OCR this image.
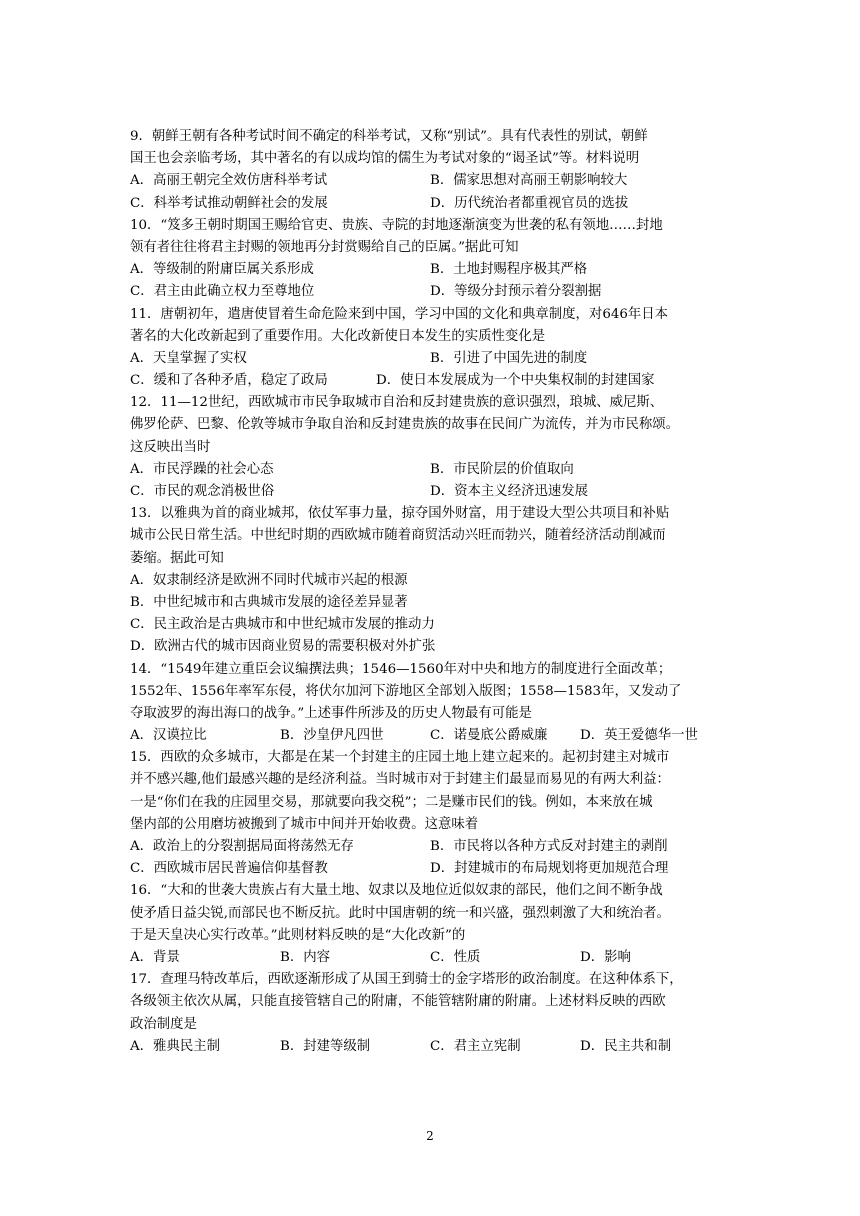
9．朝鲜王朝有各种考试时间不确定的科举考试，又称“别试”。具有代表性的别试，朝鲜
国王也会亲临考场，其中著名的有以成均馆的儒生为考试对象的“谒圣试”等。材料说明
A．高丽王朝完全效仿唐科举考试	B．儒家思想对高丽王朝影响较大
C．科举考试推动朝鲜社会的发展	D．历代统治者都重视官员的选拔
10．“笈多王朝时期国王赐给官吏、贵族、寺院的封地逐渐演变为世袭的私有领地……封地
领有者往往将君主封赐的领地再分封赏赐给自己的臣属。”据此可知
A．等级制的附庸臣属关系形成	B．土地封赐程序极其严格
C．君主由此确立权力至尊地位	D．等级分封预示着分裂割据
11．唐朝初年，遣唐使冒着生命危险来到中国，学习中国的文化和典章制度，对646年日本
著名的大化改新起到了重要作用。大化改新使日本发生的实质性变化是
A．天皇掌握了实权	B．引进了中国先进的制度
C．缓和了各种矛盾，稳定了政局	D．使日本发展成为一个中央集权制的封建国家
12．11—12世纪，西欧城市市民争取城市自治和反封建贵族的意识强烈，琅城、威尼斯、
佛罗伦萨、巴黎、伦敦等城市争取自治和反封建贵族的故事在民间广为流传，并为市民称颂。
这反映出当时
A．市民浮躁的社会心态	B．市民阶层的价值取向
C．市民的观念消极世俗	D．资本主义经济迅速发展
13．以雅典为首的商业城邦，依仗军事力量，掠夺国外财富，用于建设大型公共项目和补贴
城市公民日常生活。中世纪时期的西欧城市随着商贸活动兴旺而勃兴，随着经济活动削减而
萎缩。据此可知
A．奴隶制经济是欧洲不同时代城市兴起的根源
B．中世纪城市和古典城市发展的途径差异显著
C．民主政治是古典城市和中世纪城市发展的推动力
D．欧洲古代的城市因商业贸易的需要积极对外扩张
14．“1549年建立重臣会议编撰法典；1546—1560年对中央和地方的制度进行全面改革；
1552年、1556年率军东侵，将伏尔加河下游地区全部划入版图；1558—1583年，又发动了
夺取波罗的海出海口的战争。”上述事件所涉及的历史人物最有可能是
A．汉谟拉比	B．沙皇伊凡四世	C．诺曼底公爵威廉	D．英王爱德华一世
15．西欧的众多城市，大都是在某一个封建主的庄园土地上建立起来的。起初封建主对城市
并不感兴趣,他们最感兴趣的是经济利益。当时城市对于封建主们最显而易见的有两大利益：
一是“你们在我的庄园里交易，那就要向我交税”；二是赚市民们的钱。例如，本来放在城
堡内部的公用磨坊被搬到了城市中间并开始收费。这意味着
A．政治上的分裂割据局面将荡然无存	B．市民将以各种方式反对封建主的剥削
C．西欧城市居民普遍信仰基督教	D．封建城市的布局规划将更加规范合理
16．“大和的世袭大贵族占有大量土地、奴隶以及地位近似奴隶的部民，他们之间不断争战
使矛盾日益尖锐,而部民也不断反抗。此时中国唐朝的统一和兴盛，强烈刺激了大和统治者。
于是天皇决心实行改革。”此则材料反映的是“大化改新”的
A．背景	B．内容	C．性质	D．影响
17．查理马特改革后，西欧逐渐形成了从国王到骑士的金字塔形的政治制度。在这种体系下，
各级领主依次从属，只能直接管辖自己的附庸，不能管辖附庸的附庸。上述材料反映的西欧
政治制度是
A．雅典民主制	B．封建等级制	C．君主立宪制	D．民主共和制
2
